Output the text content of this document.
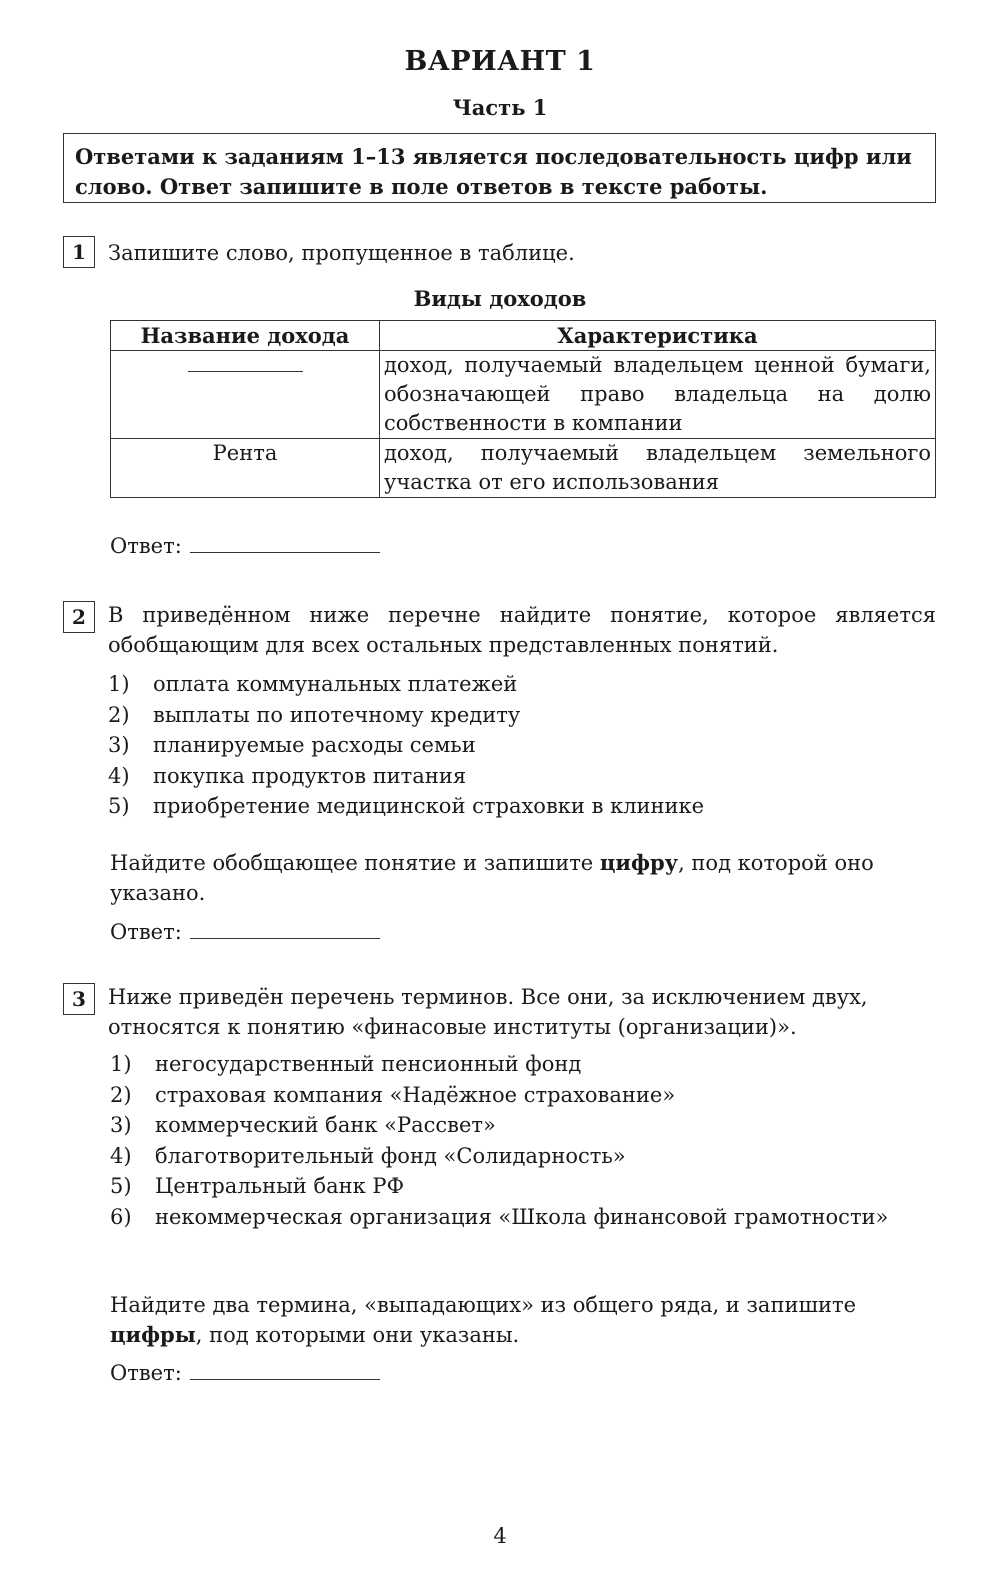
ВАРИАНТ 1
Часть 1
Ответами к заданиям 1–13 является последовательность цифр или слово. Ответ запишите в поле ответов в тексте работы.
1	Запишите слово, пропущенное в таблице.
Виды доходов
Название дохода	Характеристика
	доход, получаемый владельцем ценной бумаги, обозначающей право владельца на долю собственности в компании
Рента	доход, получаемый владельцем земельного участка от его использования
Ответ:
2	В приведённом ниже перечне найдите понятие, которое является обобщающим для всех остальных представленных понятий.
1) оплата коммунальных платежей
2) выплаты по ипотечному кредиту
3) планируемые расходы семьи
4) покупка продуктов питания
5) приобретение медицинской страховки в клинике
Найдите обобщающее понятие и запишите цифру, под которой оно указано.
Ответ:
3	Ниже приведён перечень терминов. Все они, за исключением двух, относятся к понятию «финасовые институты (организации)».
1) негосударственный пенсионный фонд
2) страховая компания «Надёжное страхование»
3) коммерческий банк «Рассвет»
4) благотворительный фонд «Солидарность»
5) Центральный банк РФ
6)	некоммерческая организация «Школа финансовой грамотности»
Найдите два термина, «выпадающих» из общего ряда, и запишите цифры, под которыми они указаны.
Ответ:
4
